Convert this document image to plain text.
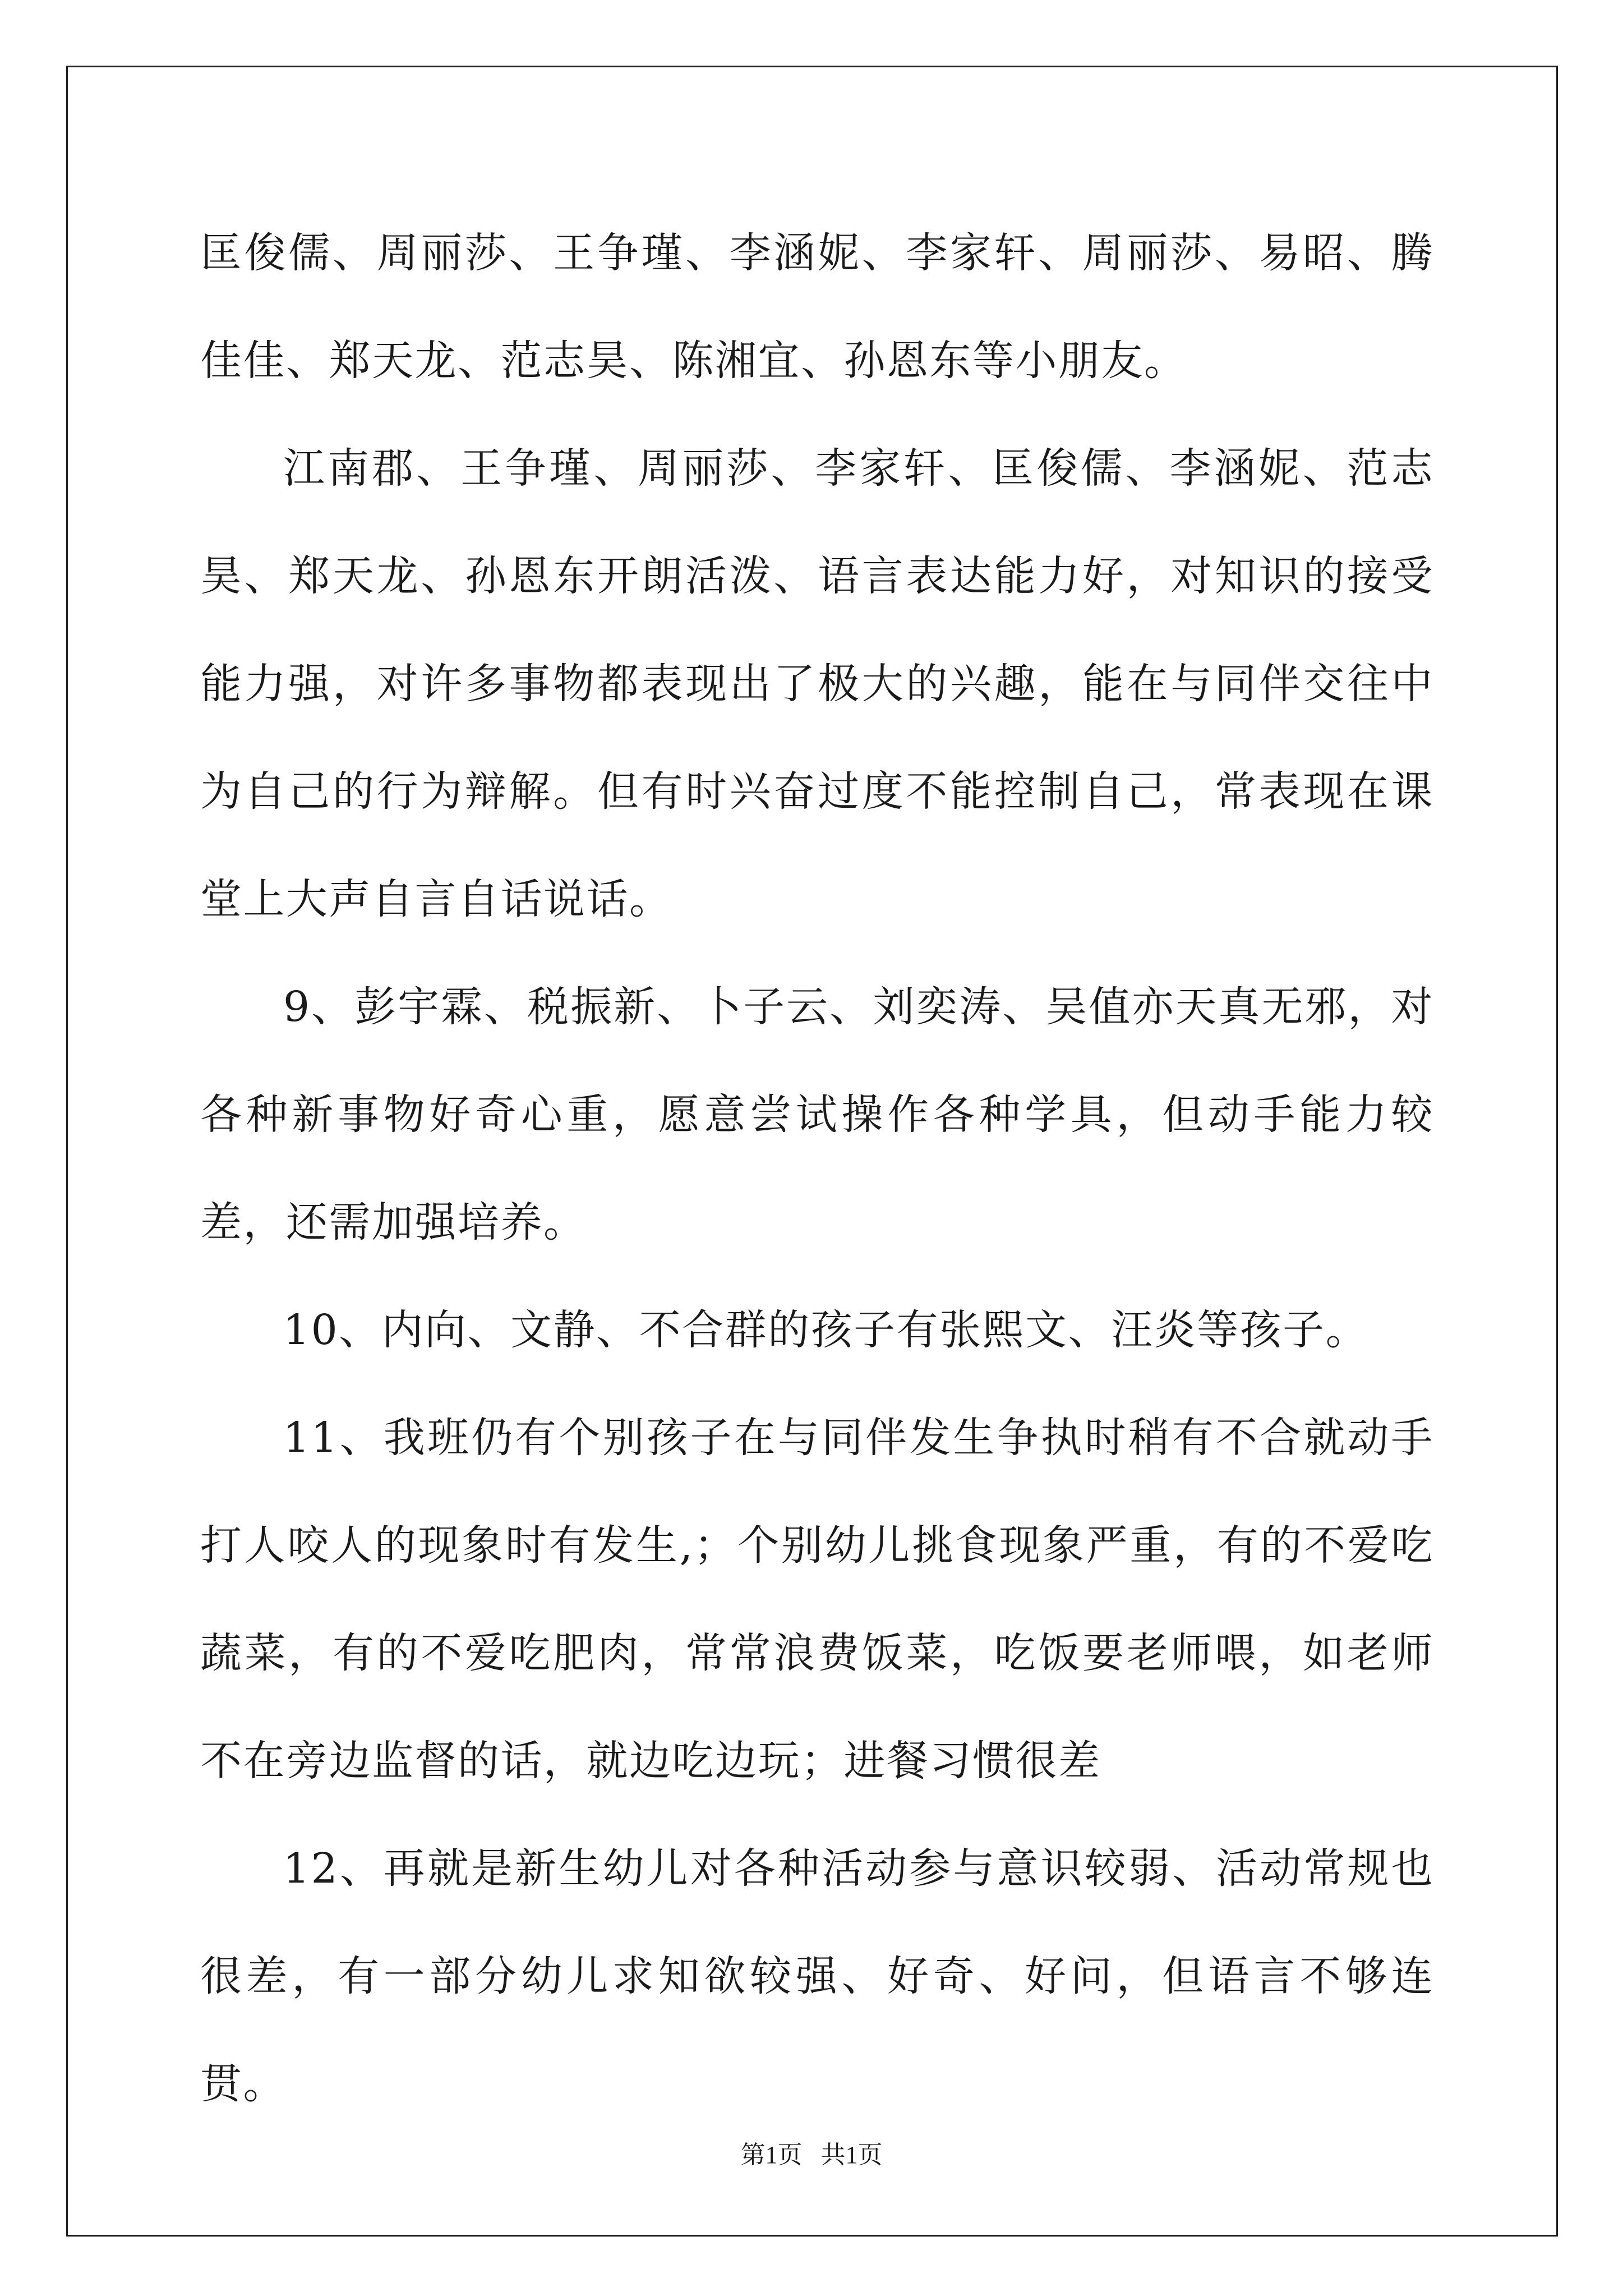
匡俊儒、周丽莎、王争瑾、李涵妮、李家轩、周丽莎、易昭、腾佳佳、郑天龙、范志昊、陈湘宜、孙恩东等小朋友。

江南郡、王争瑾、周丽莎、李家轩、匡俊儒、李涵妮、范志昊、郑天龙、孙恩东开朗活泼、语言表达能力好，对知识的接受能力强，对许多事物都表现出了极大的兴趣，能在与同伴交往中为自己的行为辩解。但有时兴奋过度不能控制自己，常表现在课堂上大声自言自话说话。

9、彭宇霖、税振新、卜子云、刘奕涛、吴值亦天真无邪，对各种新事物好奇心重，愿意尝试操作各种学具，但动手能力较差，还需加强培养。

10、内向、文静、不合群的孩子有张熙文、汪炎等孩子。

11、我班仍有个别孩子在与同伴发生争执时稍有不合就动手打人咬人的现象时有发生,；个别幼儿挑食现象严重，有的不爱吃蔬菜，有的不爱吃肥肉，常常浪费饭菜，吃饭要老师喂，如老师不在旁边监督的话，就边吃边玩；进餐习惯很差

12、再就是新生幼儿对各种活动参与意识较弱、活动常规也很差，有一部分幼儿求知欲较强、好奇、好问，但语言不够连贯。

第1页 共1页
